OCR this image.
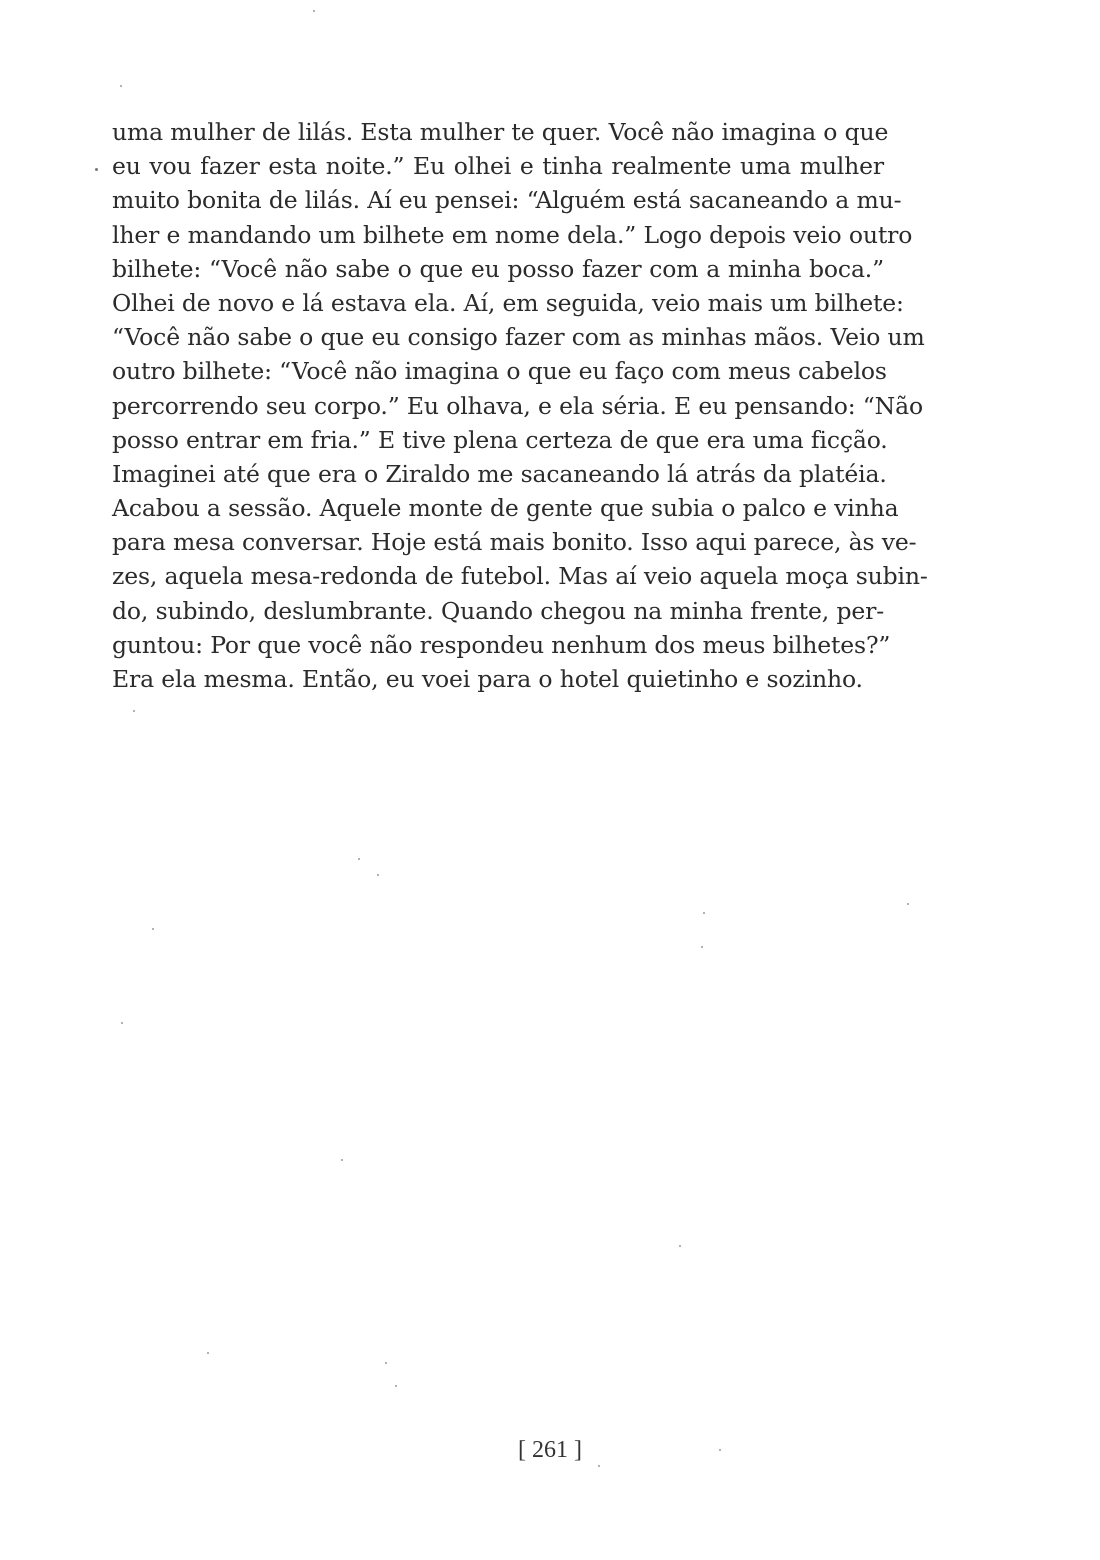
uma mulher de lilás. Esta mulher te quer. Você não imagina o que
eu vou fazer esta noite.” Eu olhei e tinha realmente uma mulher
muito bonita de lilás. Aí eu pensei: “Alguém está sacaneando a mu-
lher e mandando um bilhete em nome dela.” Logo depois veio outro
bilhete: “Você não sabe o que eu posso fazer com a minha boca.”
Olhei de novo e lá estava ela. Aí, em seguida, veio mais um bilhete:
“Você não sabe o que eu consigo fazer com as minhas mãos. Veio um
outro bilhete: “Você não imagina o que eu faço com meus cabelos
percorrendo seu corpo.” Eu olhava, e ela séria. E eu pensando: “Não
posso entrar em fria.” E tive plena certeza de que era uma ficção.
Imaginei até que era o Ziraldo me sacaneando lá atrás da platéia.
Acabou a sessão. Aquele monte de gente que subia o palco e vinha
para mesa conversar. Hoje está mais bonito. Isso aqui parece, às ve-
zes, aquela mesa-redonda de futebol. Mas aí veio aquela moça subin-
do, subindo, deslumbrante. Quando chegou na minha frente, per-
guntou: Por que você não respondeu nenhum dos meus bilhetes?”
Era ela mesma. Então, eu voei para o hotel quietinho e sozinho.
[ 261 ]
